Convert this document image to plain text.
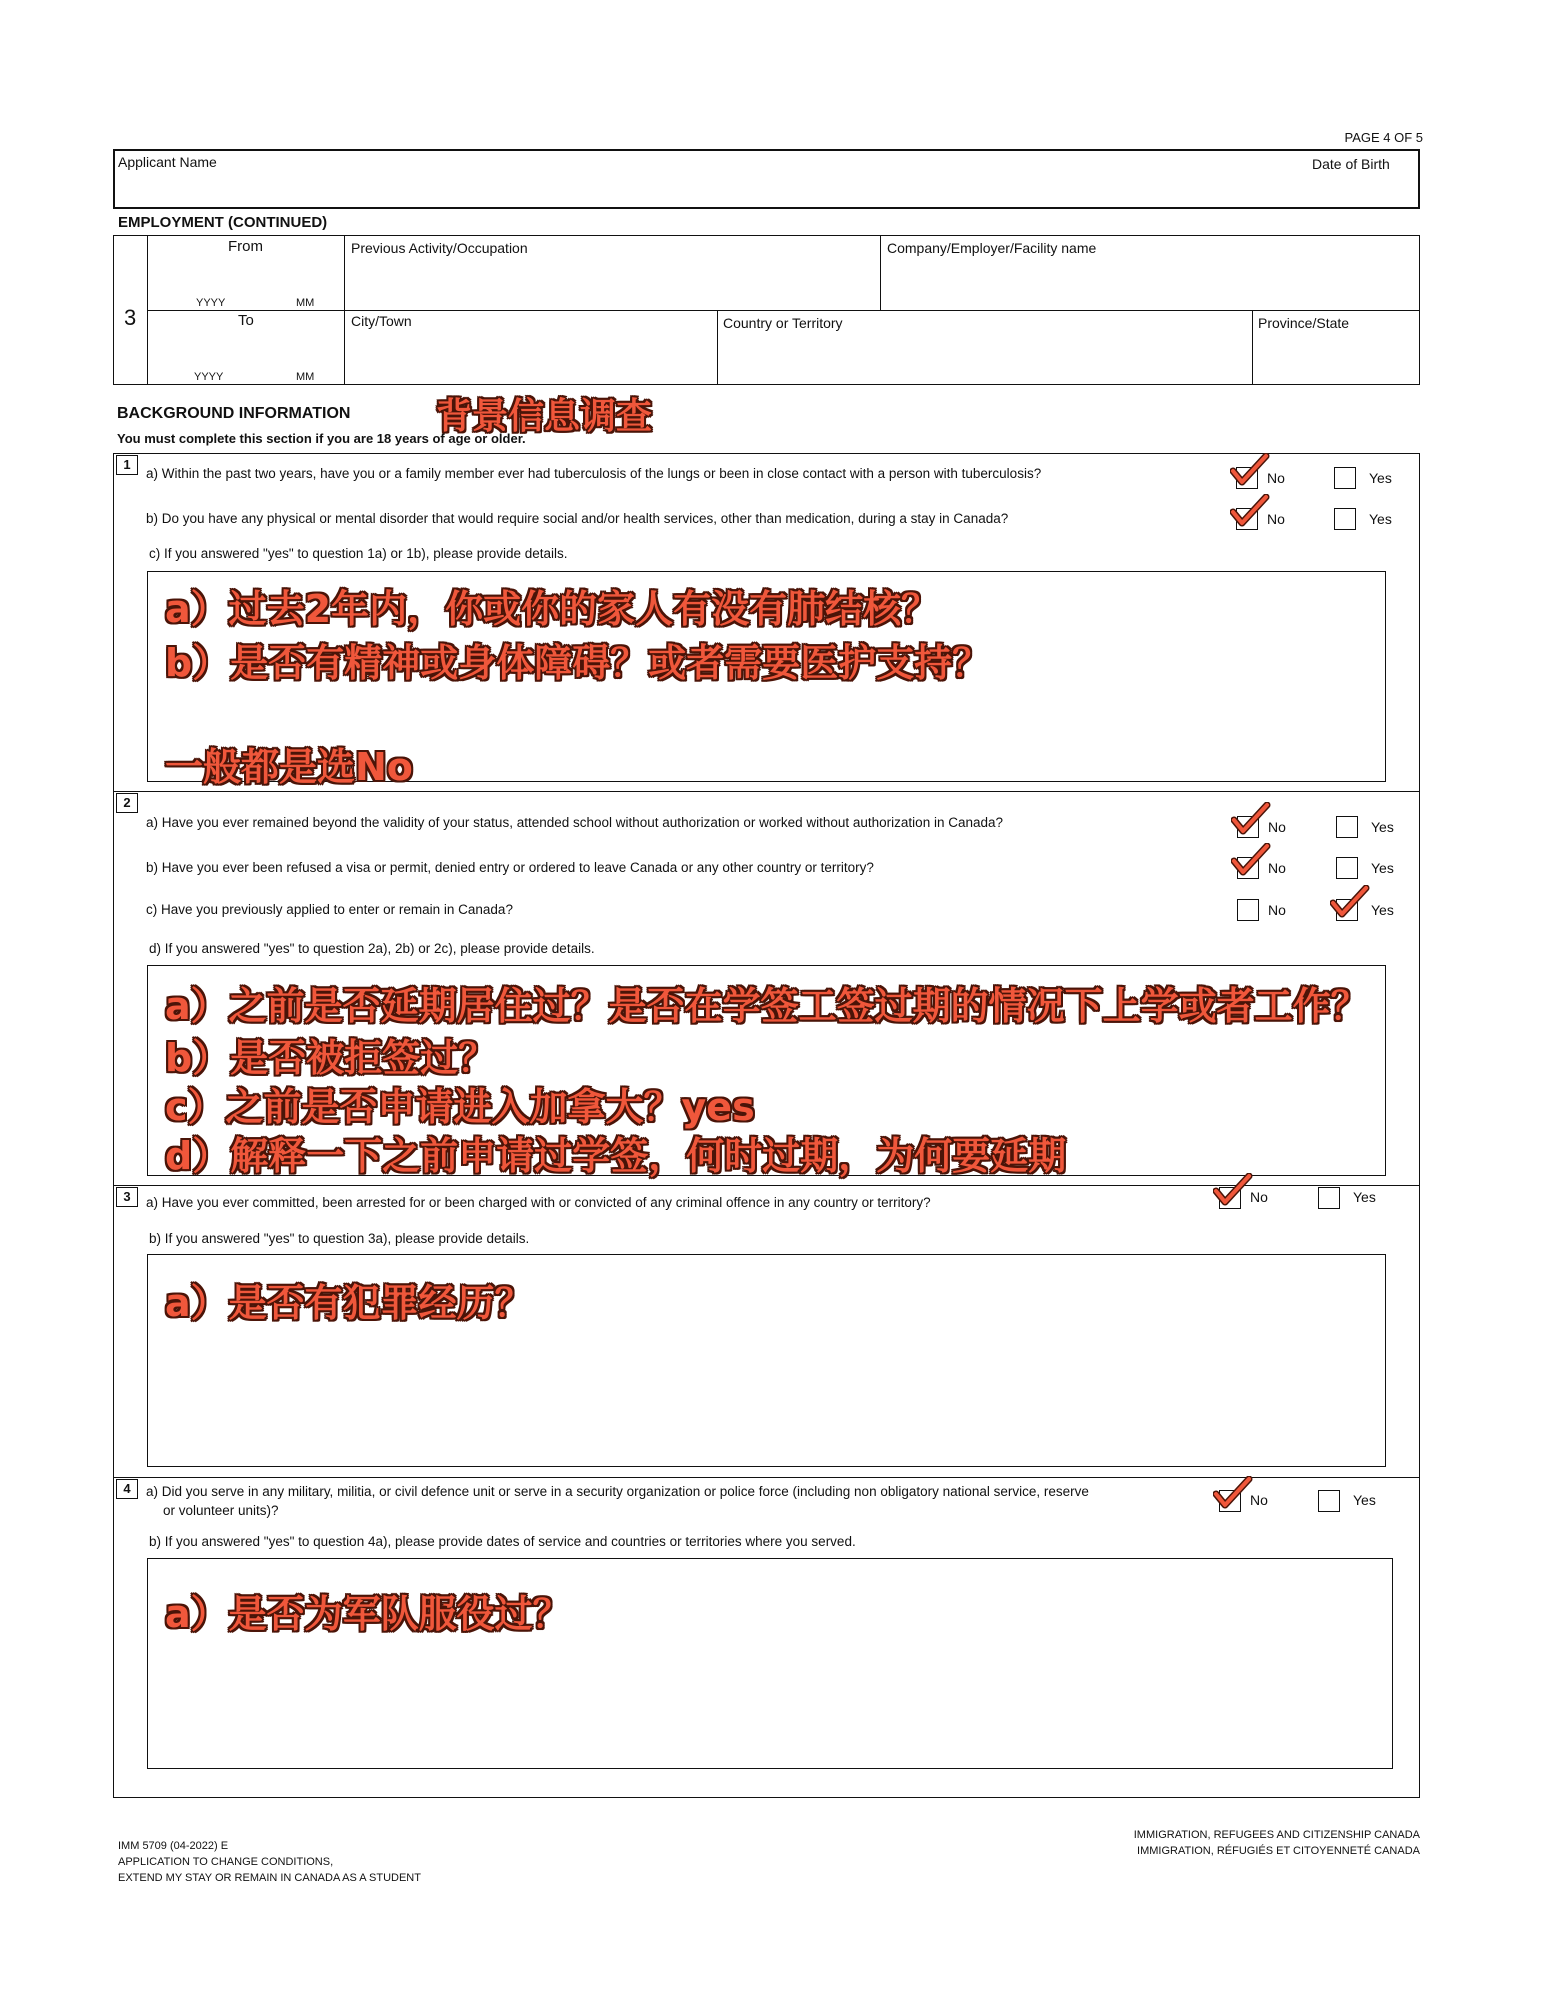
PAGE 4 OF 5
Applicant Name	Date of Birth
EMPLOYMENT (CONTINUED)
3
From
YYYY	MM
To
YYYY	MM
Previous Activity/Occupation	Company/Employer/Facility name
City/Town	Country or Territory	Province/State
BACKGROUND INFORMATION 背景信息调查
You must complete this section if you are 18 years of age or older.
1
a) Within the past two years, have you or a family member ever had tuberculosis of the lungs or been in close contact with a person with tuberculosis?	No	Yes
b) Do you have any physical or mental disorder that would require social and/or health services, other than medication, during a stay in Canada?	No	Yes
c) If you answered "yes" to question 1a) or 1b), please provide details.
a）过去2年内，你或你的家人有没有肺结核？
b）是否有精神或身体障碍？或者需要医护支持？
一般都是选No
2
a) Have you ever remained beyond the validity of your status, attended school without authorization or worked without authorization in Canada?	No	Yes
b) Have you ever been refused a visa or permit, denied entry or ordered to leave Canada or any other country or territory?	No	Yes
c) Have you previously applied to enter or remain in Canada?	No	Yes
d) If you answered "yes" to question 2a), 2b) or 2c), please provide details.
a）之前是否延期居住过？是否在学签工签过期的情况下上学或者工作？
b）是否被拒签过？
c）之前是否申请进入加拿大？yes
d）解释一下之前申请过学签，何时过期，为何要延期
3	a) Have you ever committed, been arrested for or been charged with or convicted of any criminal offence in any country or territory?	No	Yes
b) If you answered "yes" to question 3a), please provide details.
a）是否有犯罪经历？
4	a) Did you serve in any military, militia, or civil defence unit or serve in a security organization or police force (including non obligatory national service, reserve
or volunteer units)?
No	Yes
b) If you answered "yes" to question 4a), please provide dates of service and countries or territories where you served.
a）是否为军队服役过？
IMM 5709 (04-2022) E
APPLICATION TO CHANGE CONDITIONS,
EXTEND MY STAY OR REMAIN IN CANADA AS A STUDENT
IMMIGRATION, REFUGEES AND CITIZENSHIP CANADA
IMMIGRATION, RÉFUGIÉS ET CITOYENNETÉ CANADA
